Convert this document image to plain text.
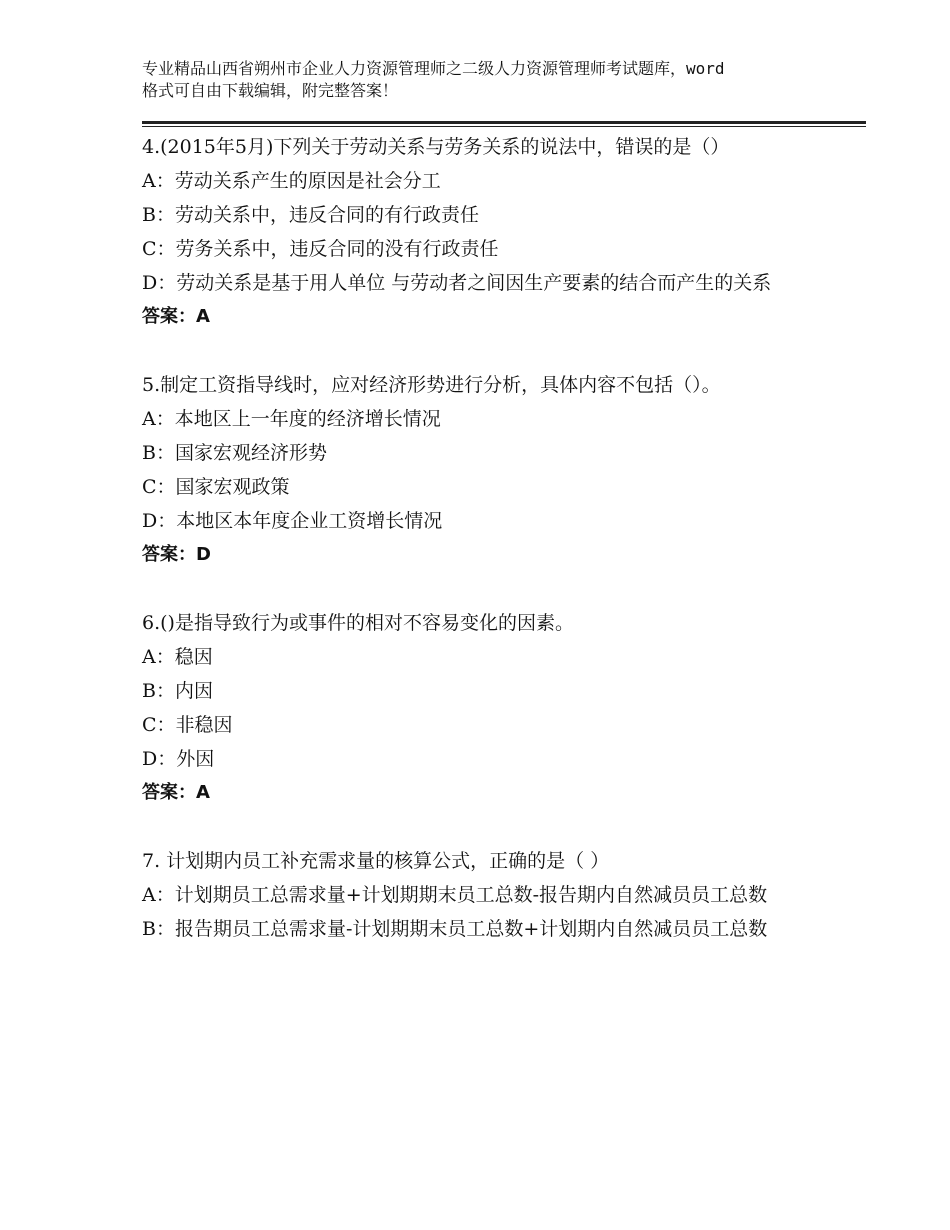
专业精品山西省朔州市企业人力资源管理师之二级人力资源管理师考试题库，word
格式可自由下载编辑，附完整答案！
4.(2015年5月)下列关于劳动关系与劳务关系的说法中，错误的是（）
A：劳动关系产生的原因是社会分工
B：劳动关系中，违反合同的有行政责任
C：劳务关系中，违反合同的没有行政责任
D：劳动关系是基于用人单位 与劳动者之间因生产要素的结合而产生的关系
答案：A
5.制定工资指导线时，应对经济形势进行分析，具体内容不包括（）。
A：本地区上一年度的经济增长情况
B：国家宏观经济形势
C：国家宏观政策
D：本地区本年度企业工资增长情况
答案：D
6.()是指导致行为或事件的相对不容易变化的因素。
A：稳因
B：内因
C：非稳因
D：外因
答案：A
7. 计划期内员工补充需求量的核算公式，正确的是（ ）
A：计划期员工总需求量+计划期期末员工总数-报告期内自然减员员工总数
B：报告期员工总需求量-计划期期末员工总数+计划期内自然减员员工总数
